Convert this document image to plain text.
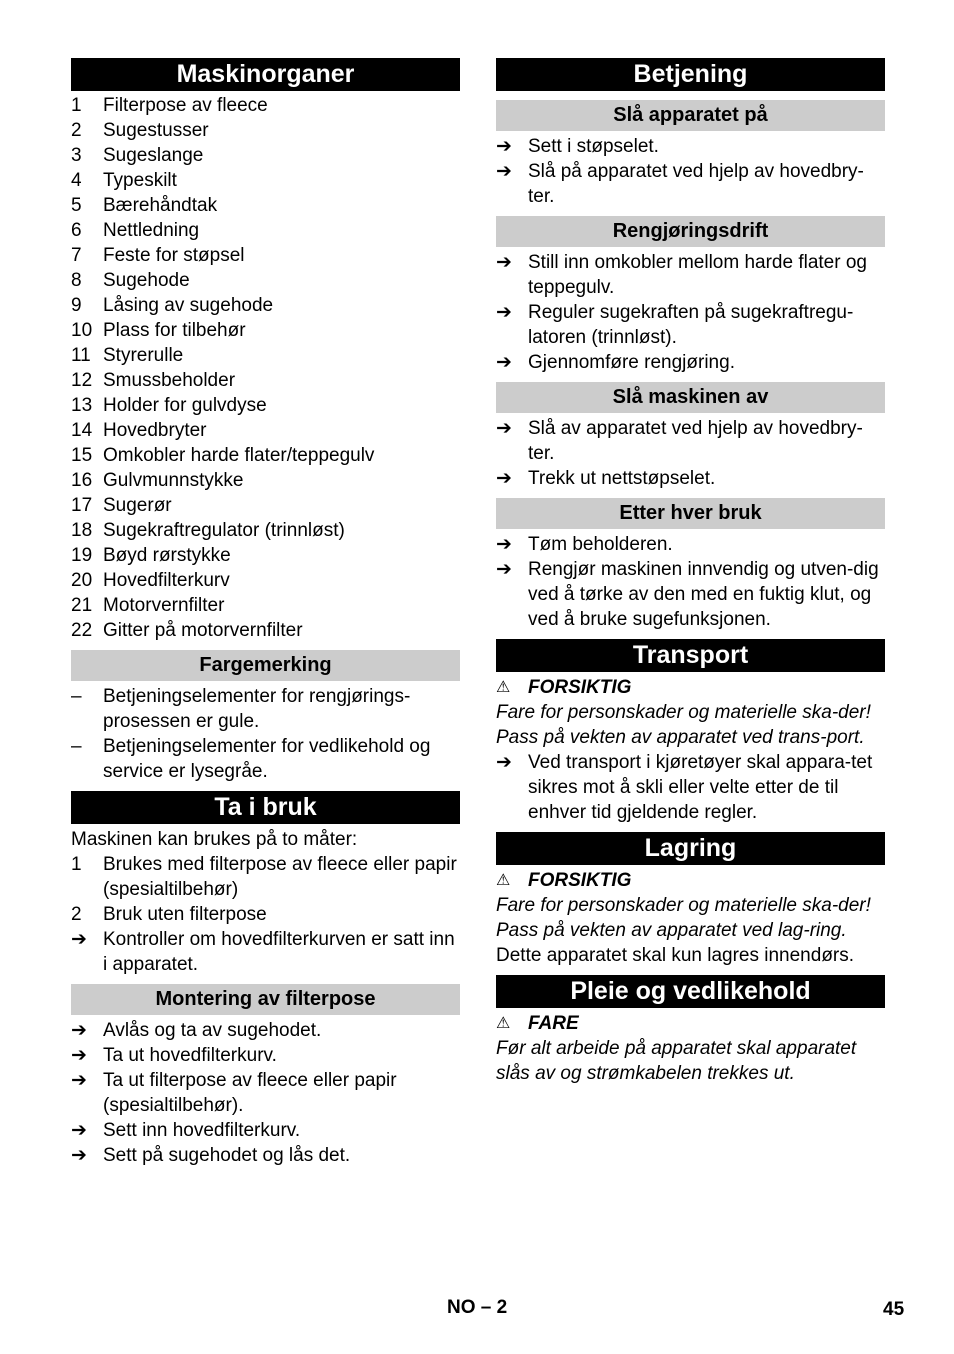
Maskinorganer
1	Filterpose av fleece
2	Sugestusser
3	Sugeslange
4	Typeskilt
5	Bærehåndtak
6	Nettledning
7	Feste for støpsel
8	Sugehode
9	Låsing av sugehode
10 Plass for tilbehør
11 Styrerulle
12 Smussbeholder
13 Holder for gulvdyse
14 Hovedbryter
15 Omkobler harde flater/teppegulv
16 Gulvmunnstykke
17 Sugerør
18 Sugekraftregulator (trinnløst)
19 Bøyd rørstykke
20 Hovedfilterkurv
21 Motorvernfilter
22 Gitter på motorvernfilter
Fargemerking
–	Betjeningselementer for rengjørings-prosessen er gule.
–	Betjeningselementer for vedlikehold og service er lysegråe.
Ta i bruk
Maskinen kan brukes på to måter:
1	Brukes med filterpose av fleece eller papir (spesialtilbehør)
2	Bruk uten filterpose
➔ Kontroller om hovedfilterkurven er satt inn i apparatet.
Montering av filterpose
➔ Avlås og ta av sugehodet.
➔ Ta ut hovedfilterkurv.
➔ Ta ut filterpose av fleece eller papir (spesialtilbehør).
➔ Sett inn hovedfilterkurv.
➔ Sett på sugehodet og lås det.
Betjening
Slå apparatet på
➔ Sett i støpselet.
➔ Slå på apparatet ved hjelp av hovedbry-ter.
Rengjøringsdrift
➔ Still inn omkobler mellom harde flater og teppegulv.
➔ Reguler sugekraften på sugekraftregu-latoren (trinnløst).
➔ Gjennomføre rengjøring.
Slå maskinen av
➔ Slå av apparatet ved hjelp av hovedbry-ter.
➔ Trekk ut nettstøpselet.
Etter hver bruk
➔ Tøm beholderen.
➔ Rengjør maskinen innvendig og utven-dig ved å tørke av den med en fuktig klut, og ved å bruke sugefunksjonen.
Transport
⚠ FORSIKTIG
Fare for personskader og materielle ska-der! Pass på vekten av apparatet ved trans-port.
➔ Ved transport i kjøretøyer skal appara-tet sikres mot å skli eller velte etter de til enhver tid gjeldende regler.
Lagring
⚠ FORSIKTIG
Fare for personskader og materielle ska-der! Pass på vekten av apparatet ved lag-ring.
Dette apparatet skal kun lagres innendørs.
Pleie og vedlikehold
⚠ FARE
Før alt arbeide på apparatet skal apparatet slås av og strømkabelen trekkes ut.
NO – 2	45
